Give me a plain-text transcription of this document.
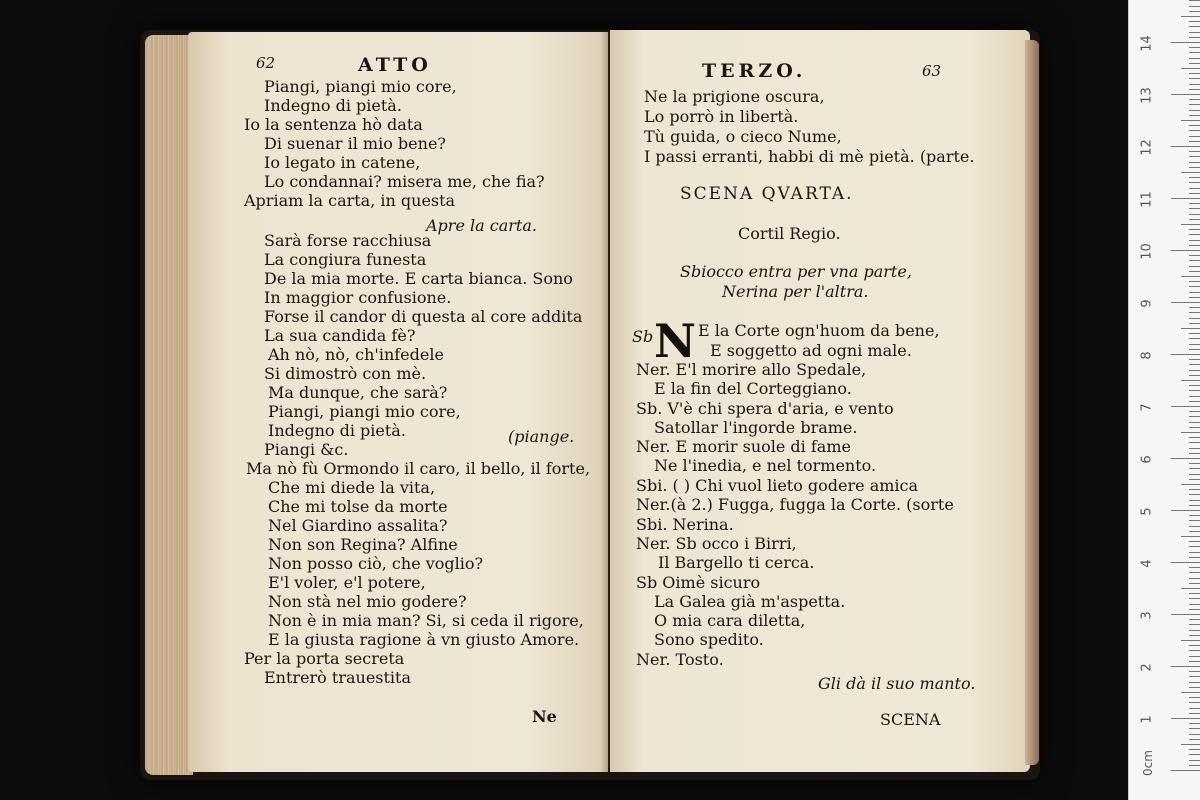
62	ATTO
Piangi, piangi mio core,
Indegno di pietà.
Io la sentenza hò data
Di suenar il mio bene?
Io legato in catene,
Lo condannai? misera me, che fia?
Apriam la carta, in questa
Apre la carta.
Sarà forse racchiusa
La congiura funesta
De la mia morte. E carta bianca. Sono
In maggior confusione.
Forse il candor di questa al core addita
La sua candida fè?
Ah nò, nò, ch'infedele
Si dimostrò con mè.
Ma dunque, che sarà?
Piangi, piangi mio core,
Indegno di pietà.	(piange.
Piangi &c.
Ma nò fù Ormondo il caro, il bello, il forte,
Che mi diede la vita,
Che mi tolse da morte
Nel Giardino assalita?
Non son Regina? Alfine
Non posso ciò, che voglio?
E'l voler, e'l potere,
Non stà nel mio godere?
Non è in mia man? Si, si ceda il rigore,
E la giusta ragione à vn giusto Amore.
Per la porta secreta
Entrerò trauestita
Ne
TERZO.	63
Ne la prigione oscura,
Lo porrò in libertà.
Tù guida, o cieco Nume,
I passi erranti, habbi di mè pietà. (parte.
SCENA QVARTA.
Cortil Regio.
Sbiocco entra per vna parte,
Nerina per l'altra.
Sb N E la Corte ogn'huom da bene,
E soggetto ad ogni male.
Ner. E'l morire allo Spedale,
E la fin del Corteggiano.
Sb. V'è chi spera d'aria, e vento
Satollar l'ingorde brame.
Ner. E morir suole di fame
Ne l'inedia, e nel tormento.
Sbi. ( ) Chi vuol lieto godere amica
Ner.(à 2.) Fugga, fugga la Corte. (sorte
Sbi. Nerina.
Ner. Sb occo i Birri,
Il Bargello ti cerca.
Sb Oimè sicuro
La Galea già m'aspetta.
O mia cara diletta,
Sono spedito.
Ner. Tosto.
Gli dà il suo manto.
SCENA
0cm
1
2
3
4
5
6
7
8
9
10
11
12
13
14
